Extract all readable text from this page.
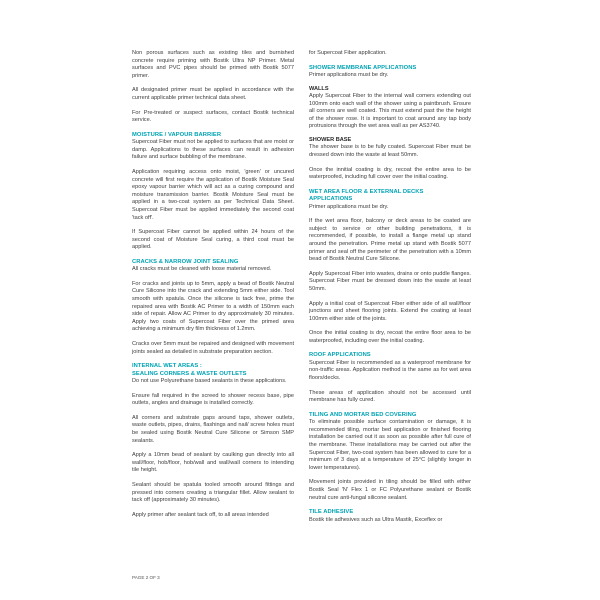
Non porous surfaces such as existing tiles and burnished concrete require priming with Bostik Ultra NP Primer. Metal surfaces and PVC pipes should be primed with Bostik 5077 primer.

All designated primer must be applied in accordance with the current applicable primer technical data sheet.

For Pre-treated or suspect surfaces, contact Bostik technical service.

MOISTURE / VAPOUR BARRIER

Supercoat Fiber must not be applied to surfaces that are moist or damp. Applications to these surfaces can result in adhesion failure and surface bubbling of the membrane.

Application requiring access onto moist, 'green' or uncured concrete will first require the application of Bostik Moisture Seal epoxy vapour barrier which will act as a curing compound and moisture transmission barrier. Bostik Moisture Seal must be applied in a two-coat system as per Technical Data Sheet. Supercoat Fiber must be applied immediately the second coat 'tack off'.

If Supercoat Fiber cannot be applied within 24 hours of the second coat of Moisture Seal curing, a third coat must be applied.

CRACKS & NARROW JOINT SEALING

All cracks must be cleaned with loose material removed.

For cracks and joints up to 5mm, apply a bead of Bostik Neutral Cure Silicone into the crack and extending 5mm either side. Tool smooth with spatula. Once the silicone is tack free, prime the repaired area with Bostik AC Primer to a width of 150mm each side of repair. Allow AC Primer to dry approximately 30 minutes. Apply two coats of Supercoat Fiber over the primed area achieving a minimum dry film thickness of 1.2mm.

Cracks over 5mm must be repaired and designed with movement joints sealed as detailed in substrate preparation section.

INTERNAL WET AREAS :

SEALING CORNERS & WASTE OUTLETS

Do not use Polyurethane based sealants in these applications.

Ensure fall required in the screed to shower recess base, pipe outlets, angles and drainage is installed correctly.

All corners and substrate gaps around taps, shower outlets, waste outlets, pipes, drains, flashings and nail/ screw holes must be sealed using Bostik Neutral Cure Silicone or Simson SMP sealants.

Apply a 10mm bead of sealant by caulking gun directly into all wall/floor, hob/floor, hob/wall and wall/wall corners to intending tile height.

Sealant should be spatula tooled smooth around fittings and pressed into corners creating a triangular fillet. Allow sealant to tack off (approximately 30 minutes).

Apply primer after sealant tack off, to all areas intended

for Supercoat Fiber application.

SHOWER MEMBRANE APPLICATIONS

Primer applications must be dry.

WALLS

Apply Supercoat Fiber to the internal wall corners extending out 100mm onto each wall of the shower using a paintbrush. Ensure all corners are well coated. This must extend past the the height of the shower rose. It is important to coat around any tap body protrusions through the wet area wall as per AS3740.

SHOWER BASE

The shower base is to be fully coated. Supercoat Fiber must be dressed down into the waste at least 50mm.

Once the innitial coating is dry, recoat the entire area to be waterproofed, including full cover over the initial coating.

WET AREA FLOOR & EXTERNAL DECKS

APPLICATIONS

Primer applications must be dry.

If the wet area floor, balcony or deck areas to be coated are subject to service or other building penetrations, it is recommended, if possible, to install a flange metal up stand around the penetration. Prime metal up stand with Bostik 5077 primer and seal off the perimeter of the penetration with a 10mm bead of Bostik Neutral Cure Silicone.

Apply Supercoat Fiber into wastes, drains or onto puddle flanges. Supercoat Fiber must be dressed down into the waste at least 50mm.

Apply a initial coat of Supercoat Fiber either side of all wall/floor junctions and sheet flooring joints. Extend the coating at least 100mm either side of the joints.

Once the initial coating is dry, recoat the entire floor area to be waterproofed, including over the initial coating.

ROOF APPLICATIONS

Supercoat Fiber is recommended as a waterproof membrane for non-traffic areas. Application method is the same as for wet area floors/decks.

These areas of application should not be accessed until membrane has fully cured.

TILING AND MORTAR BED COVERING

To eliminate possible surface contamination or damage, it is recommended tiling, mortar bed application or finished flooring installation be carried out it as soon as possible after full cure of the membrane. These installations may be carried out after the Supercoat Fiber, two-coat system has been allowed to cure for a minimum of 3 days at a temperature of 25°C (slightly longer in lower temperatures).

Movement joints provided in tiling should be filled with either Bostik Seal 'N' Flex 1 or FC Polyurethane sealant or Bostik neutral cure anti-fungal silicone sealant.

TILE ADHESIVE

Bostik tile adhesives such as Ultra Mastik, Exceflex or

PAGE 2 OF 3
